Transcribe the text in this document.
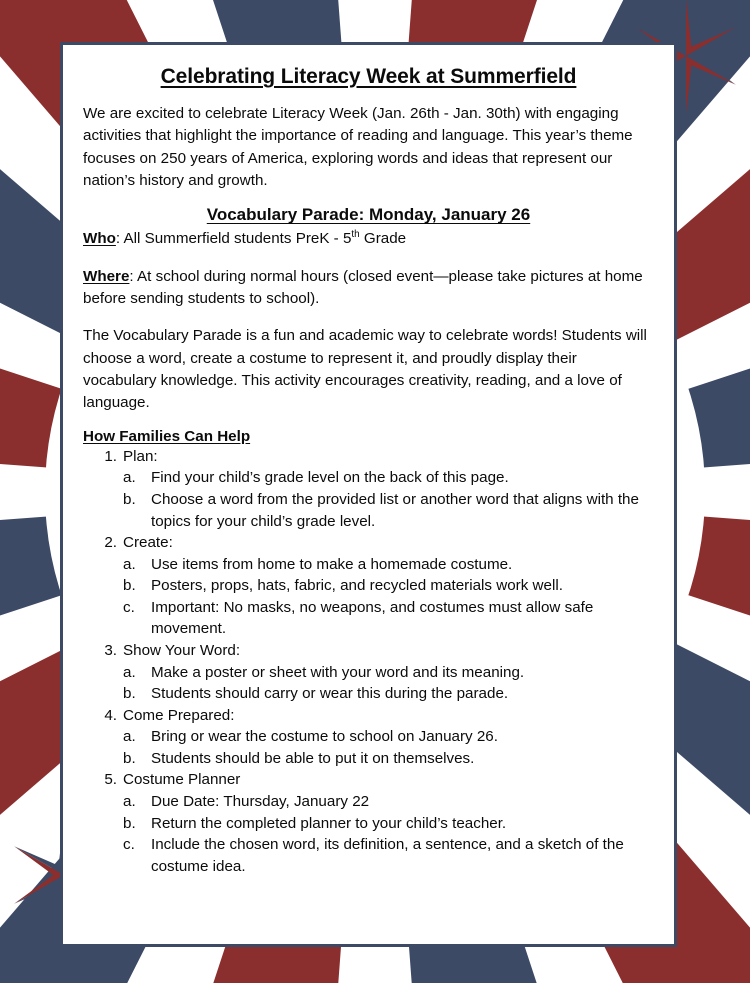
Celebrating Literacy Week at Summerfield

We are excited to celebrate Literacy Week (Jan. 26th - Jan. 30th) with engaging activities that highlight the importance of reading and language. This year’s theme focuses on 250 years of America, exploring words and ideas that represent our nation’s history and growth.

Vocabulary Parade: Monday, January 26
Who: All Summerfield students PreK - 5th Grade
Where: At school during normal hours (closed event—please take pictures at home before sending students to school).

The Vocabulary Parade is a fun and academic way to celebrate words! Students will choose a word, create a costume to represent it, and proudly display their vocabulary knowledge. This activity encourages creativity, reading, and a love of language.

How Families Can Help
1. Plan:
a.	Find your child’s grade level on the back of this page.
b.	Choose a word from the provided list or another word that aligns with the topics for your child’s grade level.
2. Create:
a.	Use items from home to make a homemade costume.
b.	Posters, props, hats, fabric, and recycled materials work well.
c.	Important: No masks, no weapons, and costumes must allow safe movement.
3. Show Your Word:
a.	Make a poster or sheet with your word and its meaning.
b.	Students should carry or wear this during the parade.
4. Come Prepared:
a.	Bring or wear the costume to school on January 26.
b.	Students should be able to put it on themselves.
5. Costume Planner
a.	Due Date: Thursday, January 22
b.	Return the completed planner to your child’s teacher.
c.	Include the chosen word, its definition, a sentence, and a sketch of the costume idea.
